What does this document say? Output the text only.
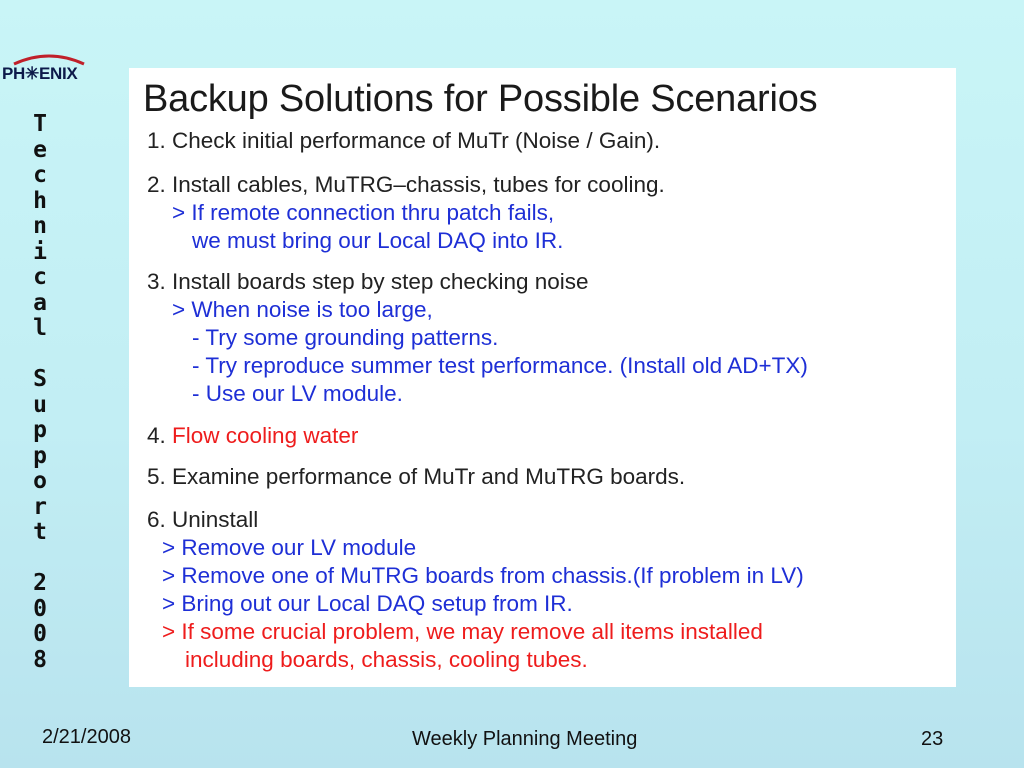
PH✳ENIX
T
e
c
h
n
i
c
a
l
S
u
p
p
o
r
t
2
0
0
8
Backup Solutions for Possible Scenarios
1. Check initial performance of MuTr (Noise / Gain).
2. Install cables, MuTRG–chassis, tubes for cooling.
> If remote connection thru patch fails,
we must bring our Local DAQ into IR.
3. Install boards step by step checking noise
> When noise is too large,
- Try some grounding patterns.
- Try reproduce summer test performance. (Install old AD+TX)
- Use our LV module.
4. Flow cooling water
5. Examine performance of MuTr and MuTRG boards.
6. Uninstall
> Remove our LV module
> Remove one of MuTRG boards from chassis.(If problem in LV)
> Bring out our Local DAQ setup from IR.
> If some crucial problem, we may remove all items installed
including boards, chassis, cooling tubes.
2/21/2008	Weekly Planning Meeting	23
